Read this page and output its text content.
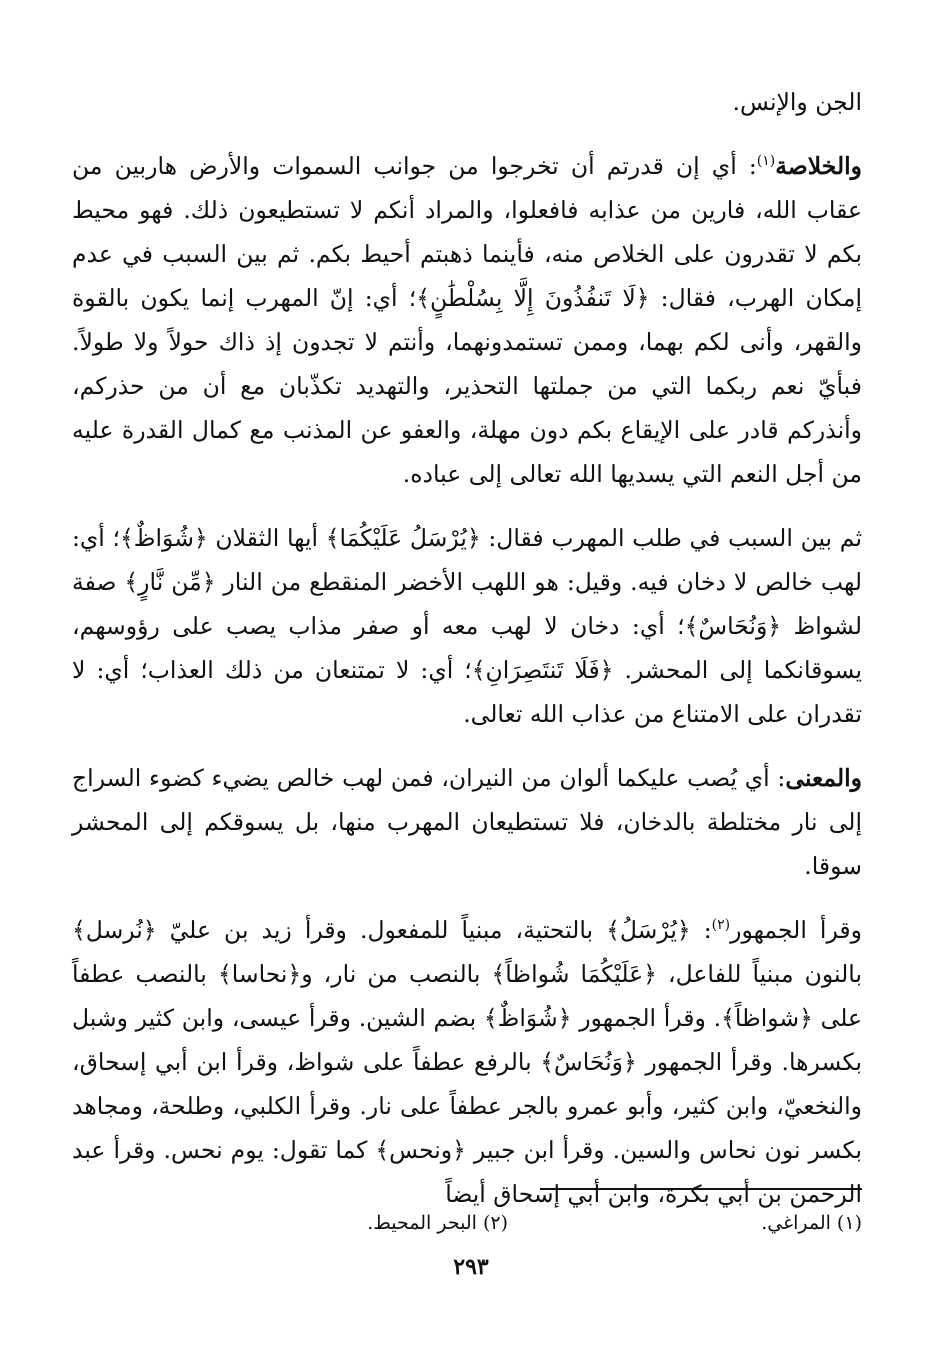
الجن والإنس.

والخلاصة$^{(١)}$: أي إن قدرتم أن تخرجوا من جوانب السموات والأرض هاربين من عقاب الله، فارين من عذابه فافعلوا، والمراد أنكم لا تستطيعون ذلك. فهو محيط بكم لا تقدرون على الخلاص منه، فأينما ذهبتم أحيط بكم. ثم بين السبب في عدم إمكان الهرب، فقال: ﴿لَا تَنفُذُونَ إِلَّا بِسُلْطَٰنٍ﴾؛ أي: إنّ المهرب إنما يكون بالقوة والقهر، وأنى لكم بهما، وممن تستمدونهما، وأنتم لا تجدون إذ ذاك حولاً ولا طولاً. فبأيّ نعم ربكما التي من جملتها التحذير، والتهديد تكذّبان مع أن من حذركم، وأنذركم قادر على الإيقاع بكم دون مهلة، والعفو عن المذنب مع كمال القدرة عليه من أجل النعم التي يسديها الله تعالى إلى عباده.

ثم بين السبب في طلب المهرب فقال: ﴿يُرْسَلُ عَلَيْكُمَا﴾ أيها الثقلان ﴿شُوَاظٌ﴾؛ أي: لهب خالص لا دخان فيه. وقيل: هو اللهب الأخضر المنقطع من النار ﴿مِّن نَّارٍ﴾ صفة لشواظ ﴿وَنُحَاسٌ﴾؛ أي: دخان لا لهب معه أو صفر مذاب يصب على رؤوسهم، يسوقانكما إلى المحشر. ﴿فَلَا تَنتَصِرَانِ﴾؛ أي: لا تمتنعان من ذلك العذاب؛ أي: لا تقدران على الامتناع من عذاب الله تعالى.

والمعنى: أي يُصب عليكما ألوان من النيران، فمن لهب خالص يضيء كضوء السراج إلى نار مختلطة بالدخان، فلا تستطيعان المهرب منها، بل يسوقكم إلى المحشر سوقا.

وقرأ الجمهور$^{(٢)}$: ﴿يُرْسَلُ﴾ بالتحتية، مبنياً للمفعول. وقرأ زيد بن عليّ ﴿نُرسل﴾ بالنون مبنياً للفاعل، ﴿عَلَيْكُمَا شُواظاً﴾ بالنصب من نار، و﴿نحاسا﴾ بالنصب عطفاً على ﴿شواظاً﴾. وقرأ الجمهور ﴿شُوَاظٌ﴾ بضم الشين. وقرأ عيسى، وابن كثير وشبل بكسرها. وقرأ الجمهور ﴿وَنُحَاسٌ﴾ بالرفع عطفاً على شواظ، وقرأ ابن أبي إسحاق، والنخعيّ، وابن كثير، وأبو عمرو بالجر عطفاً على نار. وقرأ الكلبي، وطلحة، ومجاهد بكسر نون نحاس والسين. وقرأ ابن جبير ﴿ونحس﴾ كما تقول: يوم نحس. وقرأ عبد الرحمن بن أبي بكرة، وابن أبي إسحاق أيضاً

(١) المراغي.
(٢) البحر المحيط.
٢٩٣
